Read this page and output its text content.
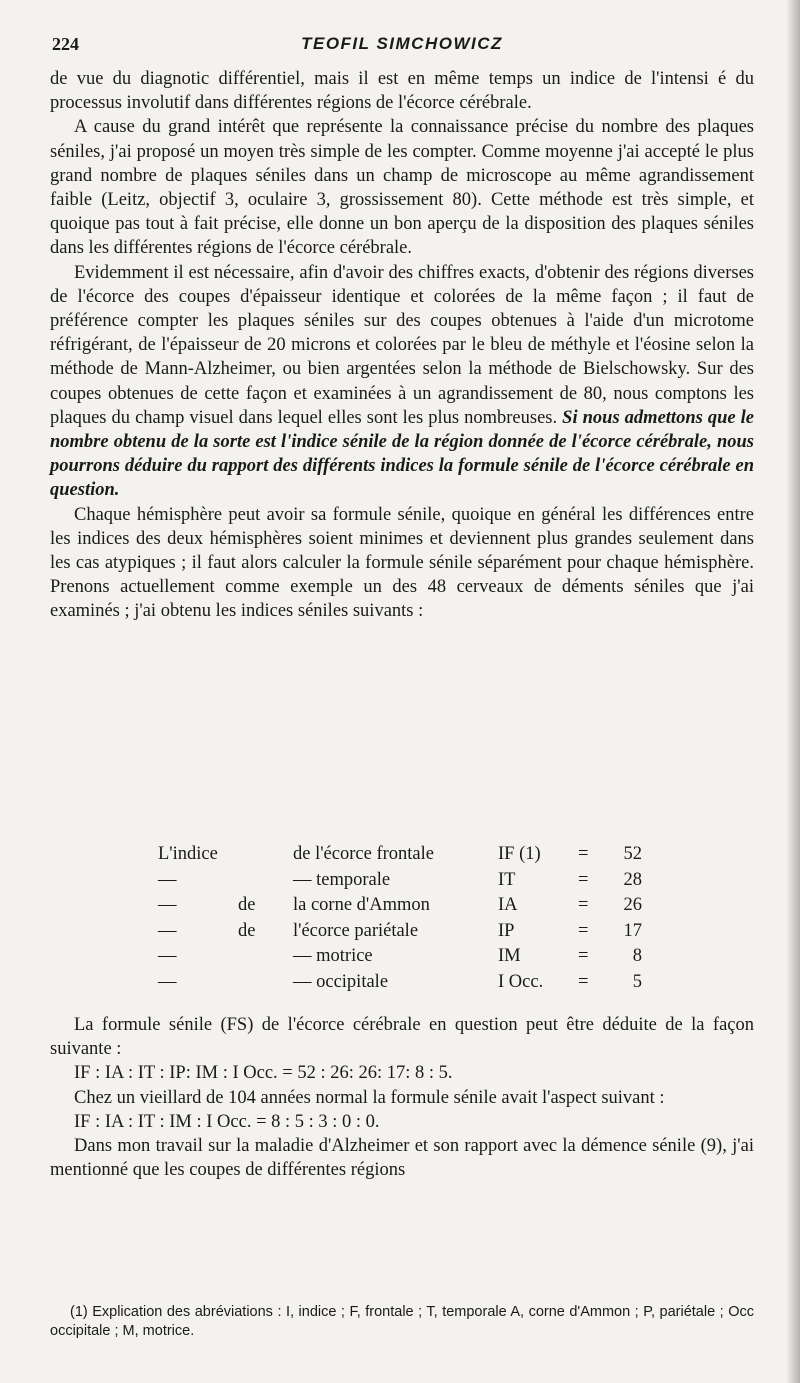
224	TEOFIL SIMCHOWICZ

de vue du diagnotic différentiel, mais il est en même temps un indice de l'intensi é du processus involutif dans différentes régions de l'écorce cérébrale.

A cause du grand intérêt que représente la connaissance précise du nombre des plaques séniles, j'ai proposé un moyen très simple de les compter. Comme moyenne j'ai accepté le plus grand nombre de plaques séniles dans un champ de microscope au même agrandissement faible (Leitz, objectif 3, oculaire 3, grossissement 80). Cette méthode est très simple, et quoique pas tout à fait précise, elle donne un bon aperçu de la disposition des plaques séniles dans les différentes régions de l'écorce cérébrale.

Evidemment il est nécessaire, afin d'avoir des chiffres exacts, d'obtenir des régions diverses de l'écorce des coupes d'épaisseur identique et colorées de la même façon ; il faut de préférence compter les plaques séniles sur des coupes obtenues à l'aide d'un microtome réfrigérant, de l'épaisseur de 20 microns et colorées par le bleu de méthyle et l'éosine selon la méthode de Mann-Alzheimer, ou bien argentées selon la méthode de Bielschowsky. Sur des coupes obtenues de cette façon et examinées à un agrandissement de 80, nous comptons les plaques du champ visuel dans lequel elles sont les plus nombreuses. Si nous admettons que le nombre obtenu de la sorte est l'indice sénile de la région donnée de l'écorce cérébrale, nous pourrons déduire du rapport des différents indices la formule sénile de l'écorce cérébrale en question.

Chaque hémisphère peut avoir sa formule sénile, quoique en général les différences entre les indices des deux hémisphères soient minimes et deviennent plus grandes seulement dans les cas atypiques ; il faut alors calculer la formule sénile séparément pour chaque hémisphère. Prenons actuellement comme exemple un des 48 cerveaux de déments séniles que j'ai examinés ; j'ai obtenu les indices séniles suivants :

L'indice	de l'écorce frontale	IF (1) =	52
—	— temporale	IT	=	28
—	de la corne d'Ammon	IA	=	26
—	de l'écorce pariétale	IP	=	17
—	— motrice	IM	=	8
—	— occipitale	I Occ. =	5

La formule sénile (FS) de l'écorce cérébrale en question peut être déduite de la façon suivante :

IF : IA : IT : IP: IM : I Occ. = 52 : 26: 26: 17: 8 : 5.

Chez un vieillard de 104 années normal la formule sénile avait l'aspect suivant :

IF : IA : IT : IM : I Occ. = 8 : 5 : 3 : 0 : 0.

Dans mon travail sur la maladie d'Alzheimer et son rapport avec la démence sénile (9), j'ai mentionné que les coupes de différentes régions

(1) Explication des abréviations : I, indice ; F, frontale ; T, temporale A, corne d'Ammon ; P, pariétale ; Occ occipitale ; M, motrice.
